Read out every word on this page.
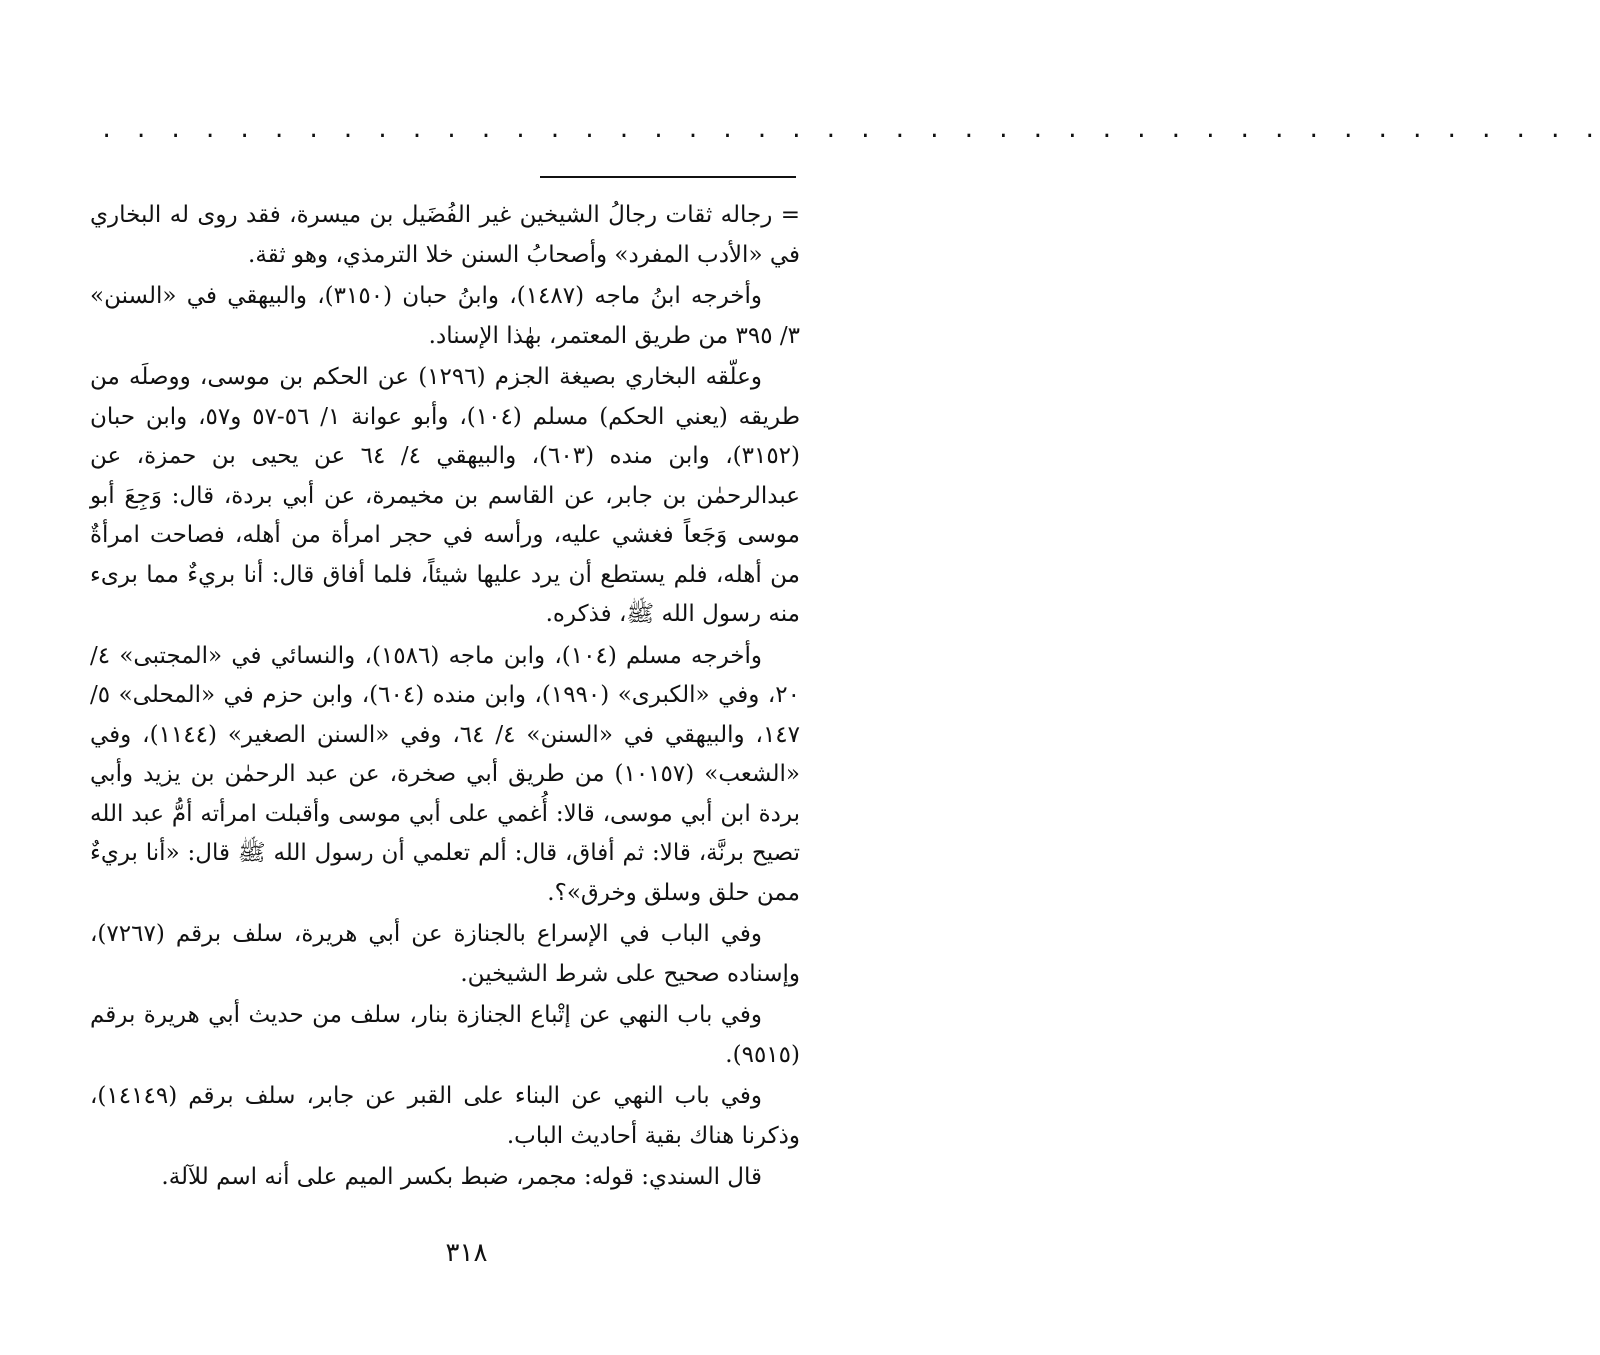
. . . . . . . . . . . . . . . . . . . . . . . . . . . . . . . . . . . . . . . . . . . .

= رجاله ثقات رجالُ الشيخين غير الفُضَيل بن ميسرة، فقد روى له البخاري في «الأدب المفرد» وأصحابُ السنن خلا الترمذي، وهو ثقة.

وأخرجه ابنُ ماجه (١٤٨٧)، وابنُ حبان (٣١٥٠)، والبيهقي في «السنن» ٣/ ٣٩٥ من طريق المعتمر، بهٰذا الإسناد.

وعلّقه البخاري بصيغة الجزم (١٢٩٦) عن الحكم بن موسى، ووصلَه من طريقه (يعني الحكم) مسلم (١٠٤)، وأبو عوانة ١/ ٥٦-٥٧ و٥٧، وابن حبان (٣١٥٢)، وابن منده (٦٠٣)، والبيهقي ٤/ ٦٤ عن يحيى بن حمزة، عن عبدالرحمٰن بن جابر، عن القاسم بن مخيمرة، عن أبي بردة، قال: وَجِعَ أبو موسى وَجَعاً فغشي عليه، ورأسه في حجر امرأة من أهله، فصاحت امرأةٌ من أهله، فلم يستطع أن يرد عليها شيئاً، فلما أفاق قال: أنا بريءٌ مما برىء منه رسول الله ﷺ، فذكره.

وأخرجه مسلم (١٠٤)، وابن ماجه (١٥٨٦)، والنسائي في «المجتبى» ٤/ ٢٠، وفي «الكبرى» (١٩٩٠)، وابن منده (٦٠٤)، وابن حزم في «المحلى» ٥/ ١٤٧، والبيهقي في «السنن» ٤/ ٦٤، وفي «السنن الصغير» (١١٤٤)، وفي «الشعب» (١٠١٥٧) من طريق أبي صخرة، عن عبد الرحمٰن بن يزيد وأبي بردة ابن أبي موسى، قالا: أُغمي على أبي موسى وأقبلت امرأته أمُّ عبد الله تصيح برنَّة، قالا: ثم أفاق، قال: ألم تعلمي أن رسول الله ﷺ قال: «أنا بريءٌ ممن حلق وسلق وخرق»؟.

وفي الباب في الإسراع بالجنازة عن أبي هريرة، سلف برقم (٧٢٦٧)، وإسناده صحيح على شرط الشيخين.

وفي باب النهي عن إتْباع الجنازة بنار، سلف من حديث أبي هريرة برقم (٩٥١٥).

وفي باب النهي عن البناء على القبر عن جابر، سلف برقم (١٤١٤٩)، وذكرنا هناك بقية أحاديث الباب.

قال السندي: قوله: مجمر، ضبط بكسر الميم على أنه اسم للآلة.

٣١٨
